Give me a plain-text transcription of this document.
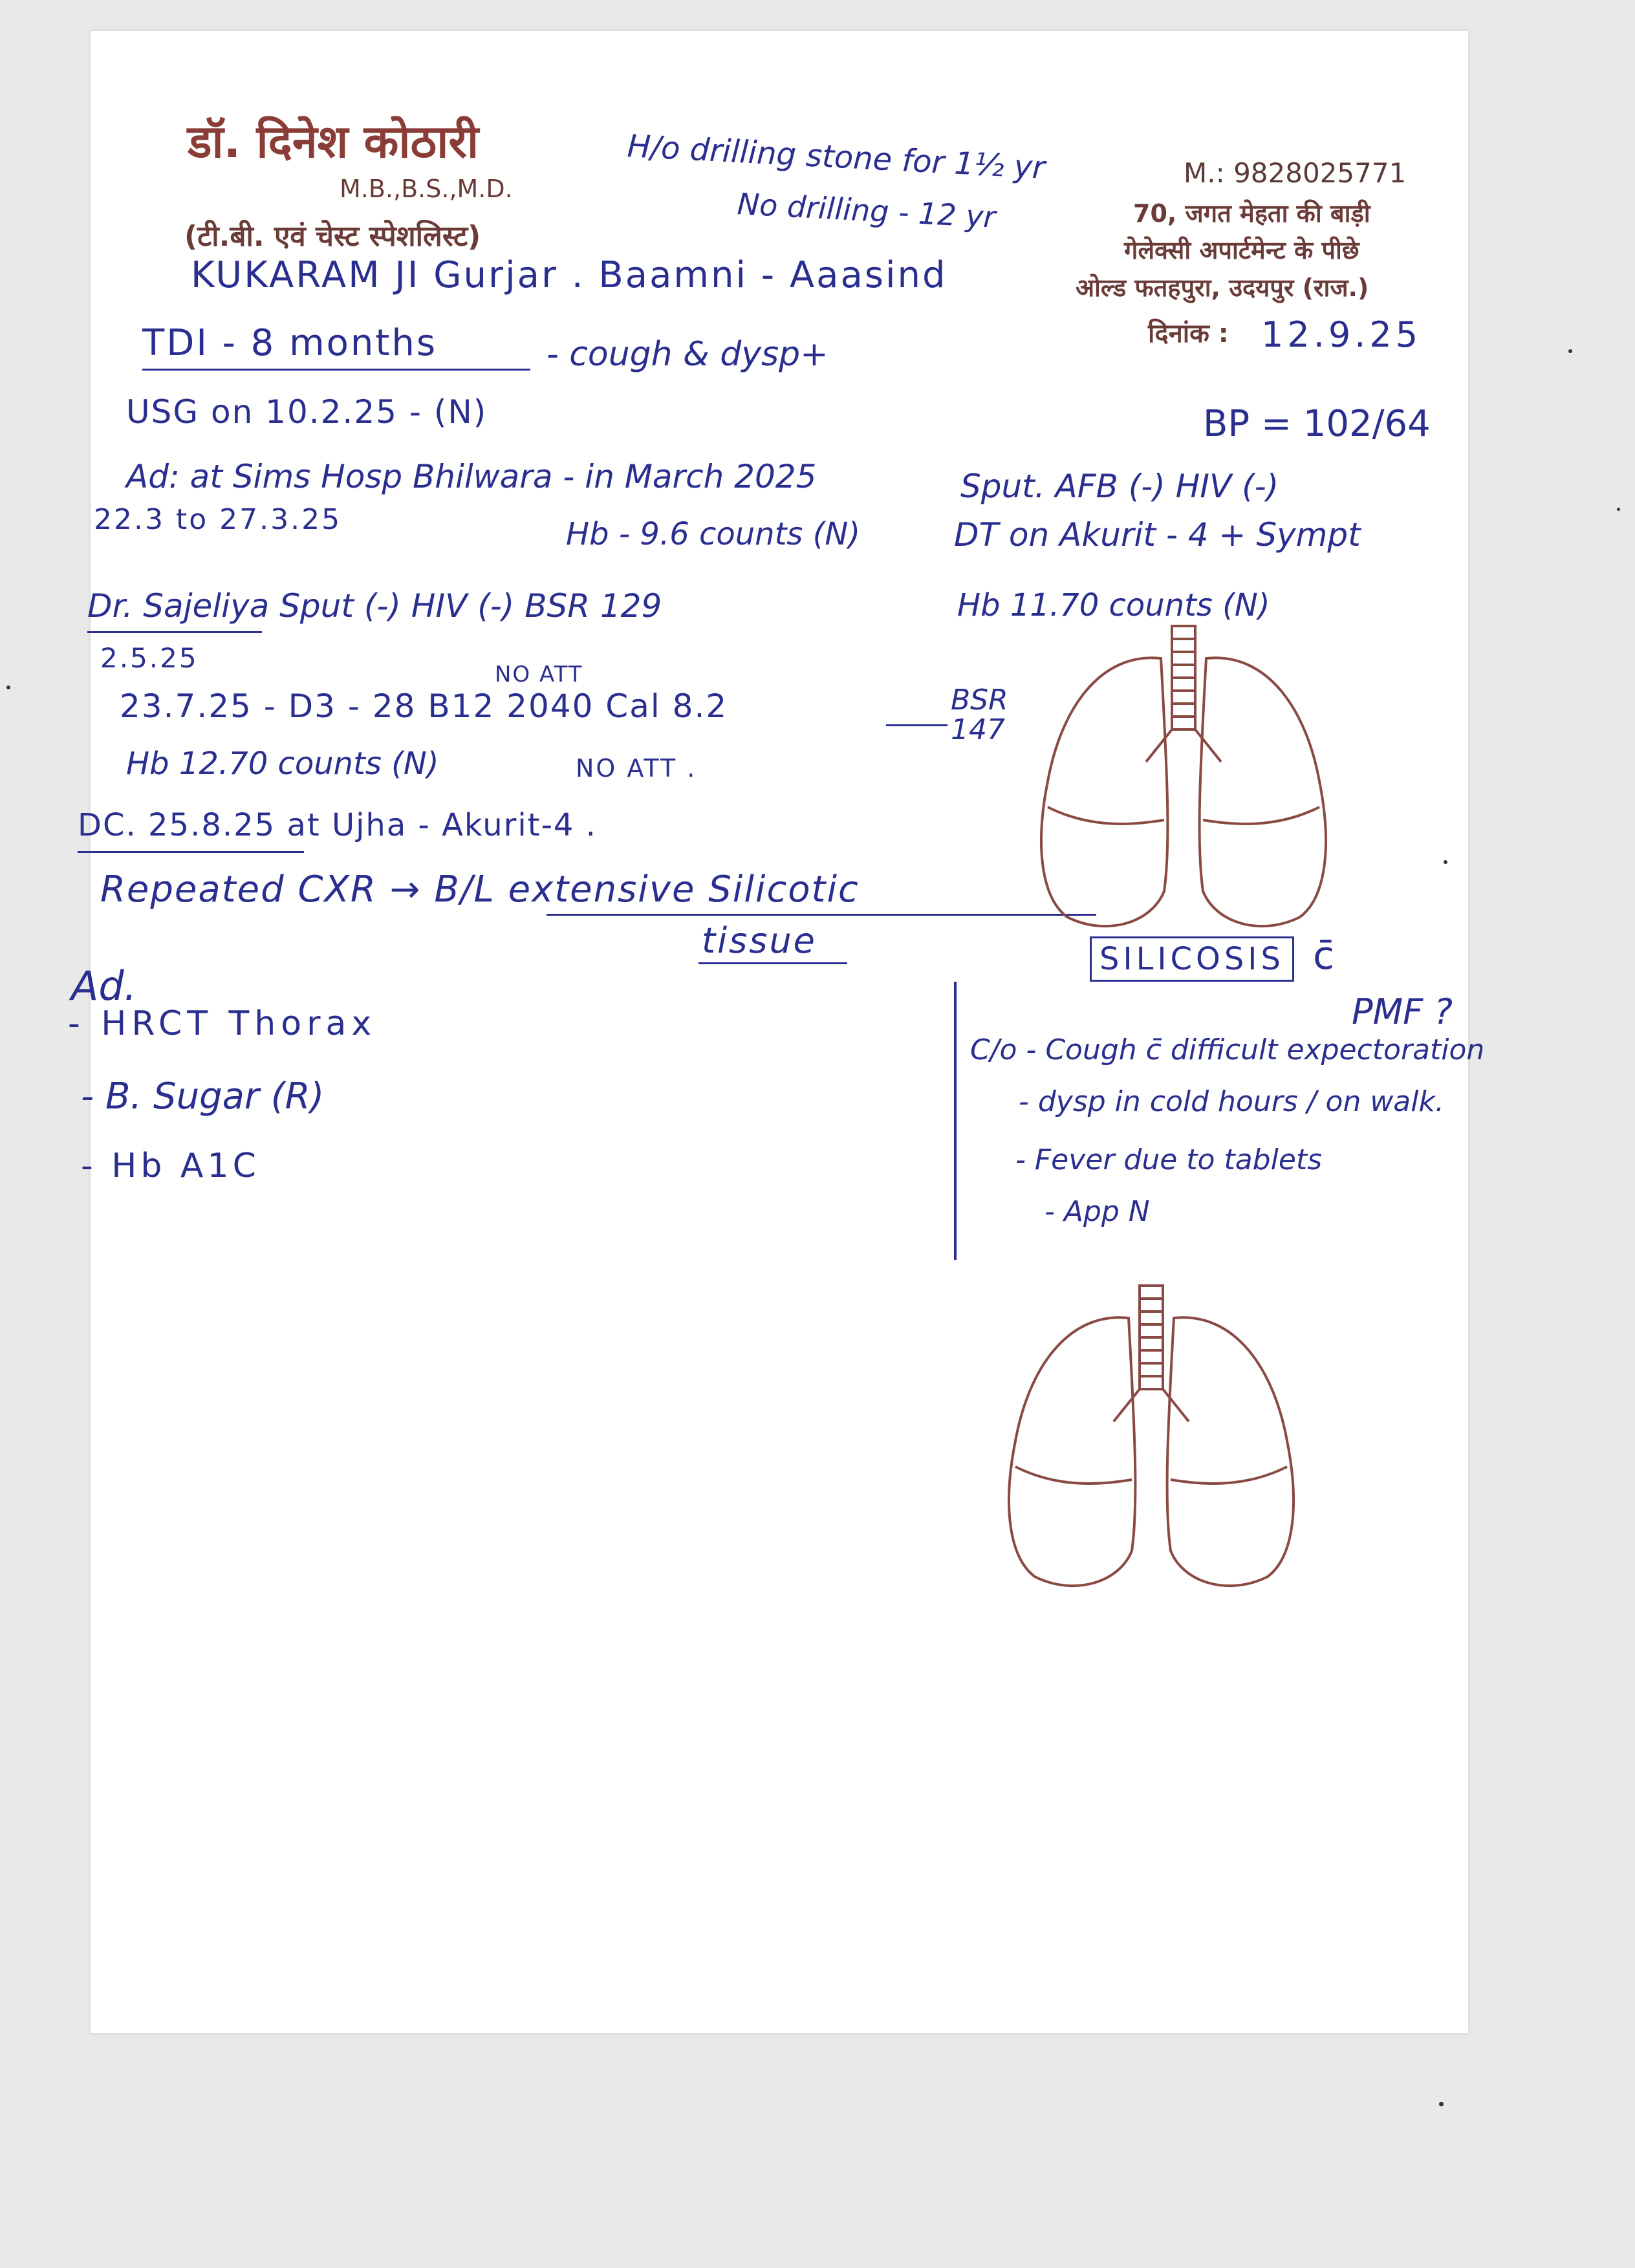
डॉ. दिनेश कोठारी
M.B.,B.S.,M.D.
(टी.बी. एवं चेस्ट स्पेशलिस्ट)
M.: 9828025771
70, जगत मेहता की बाड़ी
गेलेक्सी अपार्टमेन्ट के पीछे
ओल्ड फतहपुरा, उदयपुर (राज.)
दिनांक :
H/o drilling stone for 1½ yr
No drilling - 12 yr
12.9.25
KUKARAM JI Gurjar . Baamni - Aaasind
TDI - 8 months	- cough & dysp+
USG on 10.2.25 - (N)	BP = 102/64
Ad: at Sims Hosp Bhilwara - in March 2025	Sput. AFB (-) HIV (-)
22.3 to 27.3.25	Hb - 9.6 counts (N)	DT on Akurit - 4 + Sympt
Dr. Sajeliya Sput (-) HIV (-) BSR 129	Hb 11.70 counts (N)
2.5.25
NO ATT
23.7.25 - D3 - 28 B12 2040 Cal 8.2	BSR 147
Hb 12.70 counts (N)	NO ATT .
DC. 25.8.25 at Ujha - Akurit-4 .
Repeated CXR → B/L extensive Silicotic
tissue	SILICOSIS c̄
PMF ?
Ad.
- HRCT Thorax
- B. Sugar (R)
- Hb A1C
C/o - Cough c̄ difficult expectoration
- dysp in cold hours / on walk.
- Fever due to tablets
- App N
